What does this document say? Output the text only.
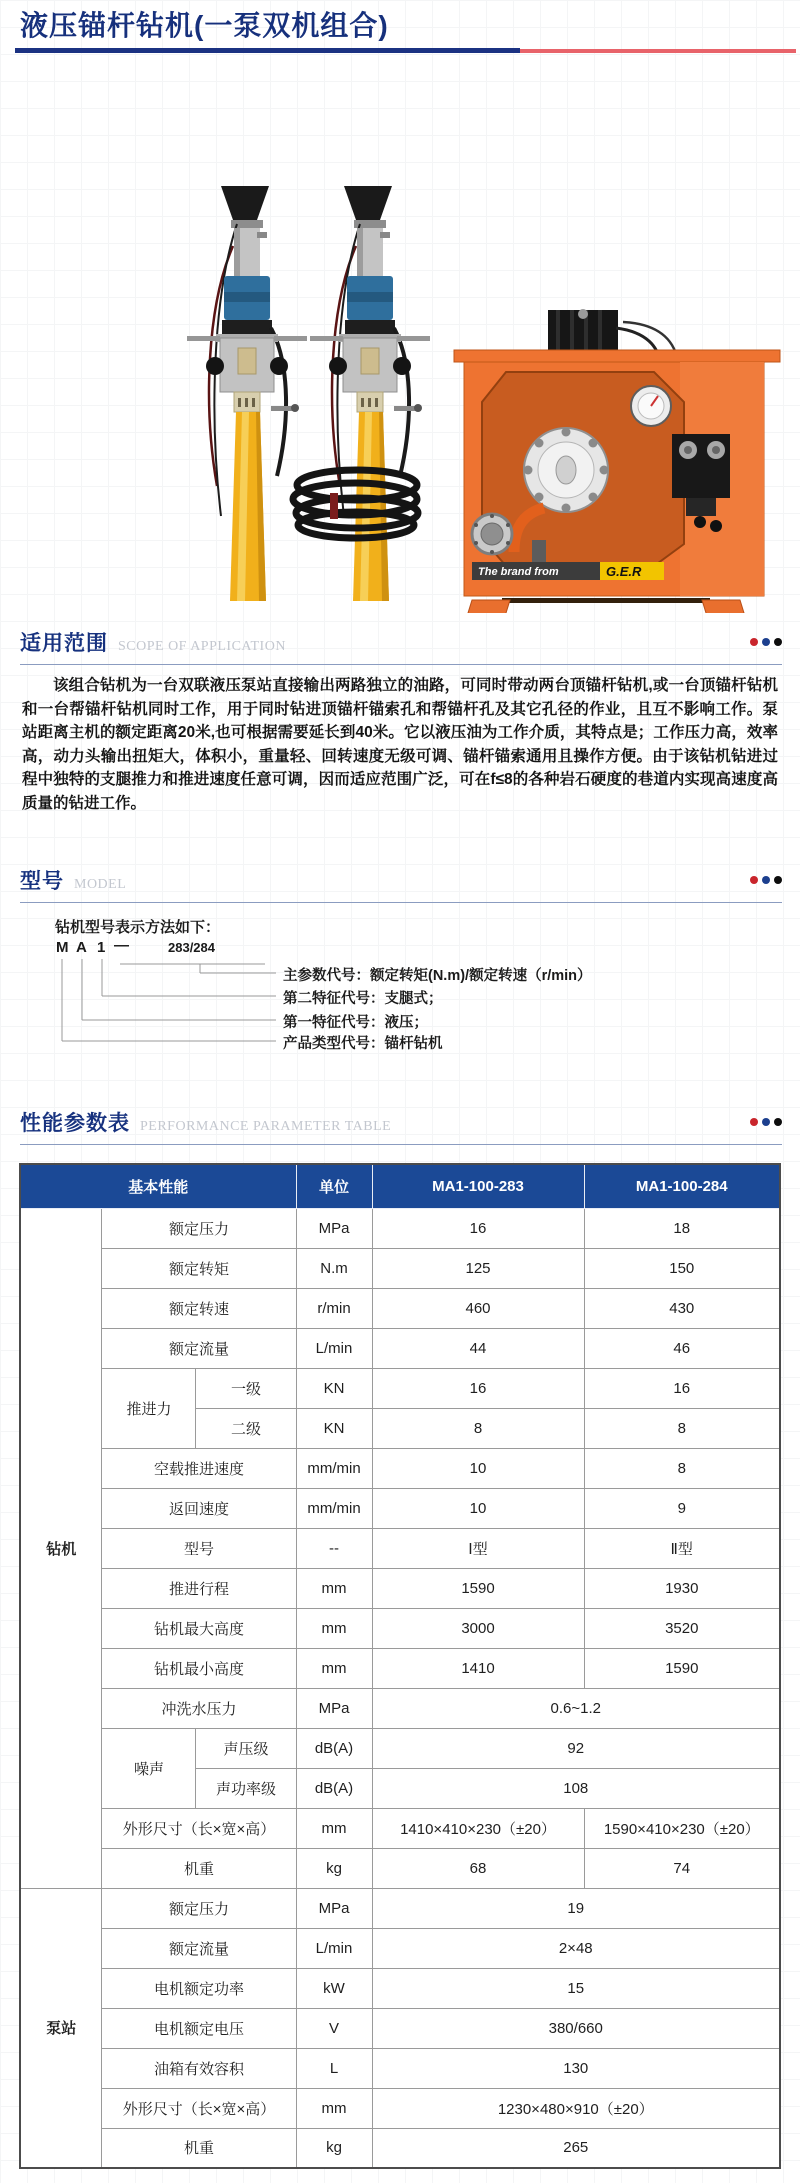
液压锚杆钻机(一泵双机组合)
The brand from	G.E.R
适用范围 SCOPE OF APPLICATION

该组合钻机为一台双联液压泵站直接输出两路独立的油路，可同时带动两台顶锚杆钻机,或一台顶锚杆钻机和一台帮锚杆钻机同时工作，用于同时钻进顶锚杆锚索孔和帮锚杆孔及其它孔径的作业，且互不影响工作。泵站距离主机的额定距离20米,也可根据需要延长到40米。它以液压油为工作介质，其特点是；工作压力高，效率高，动力头输出扭矩大，体积小，重量轻、回转速度无级可调、锚杆锚索通用且操作方便。由于该钻机钻进过程中独特的支腿推力和推进速度任意可调，因而适应范围广泛，可在f≤8的各种岩石硬度的巷道内实现高速度高质量的钻进工作。

型号 MODEL
钻机型号表示方法如下：
M A 1 —	283/284
主参数代号：额定转矩(N.m)/额定转速（r/min）
第二特征代号：支腿式；
第一特征代号：液压；
产品类型代号：锚杆钻机
性能参数表 PERFORMANCE PARAMETER TABLE
基本性能			单位	MA1-100-283	MA1-100-284
钻机	额定压力		MPa	16	18
	额定转矩		N.m	125	150
	额定转速		r/min	460	430
	额定流量		L/min	44	46
	推进力	一级	KN	16	16
		二级	KN	8	8
	空载推进速度		mm/min	10	8
	返回速度		mm/min	10	9
	型号		--	Ⅰ型	Ⅱ型
	推进行程		mm	1590	1930
	钻机最大高度		mm	3000	3520
	钻机最小高度		mm	1410	1590
	冲洗水压力		MPa	0.6~1.2	
	噪声	声压级	dB(A)	92	
		声功率级	dB(A)	108	
	外形尺寸（长×宽×高）		mm	1410×410×230（±20）	1590×410×230（±20）
	机重		kg	68	74
泵站	额定压力		MPa	19	
	额定流量		L/min	2×48	
	电机额定功率		kW	15	
	电机额定电压		V	380/660	
	油箱有效容积		L	130	
	外形尺寸（长×宽×高）		mm	1230×480×910（±20）	
	机重		kg	265	
